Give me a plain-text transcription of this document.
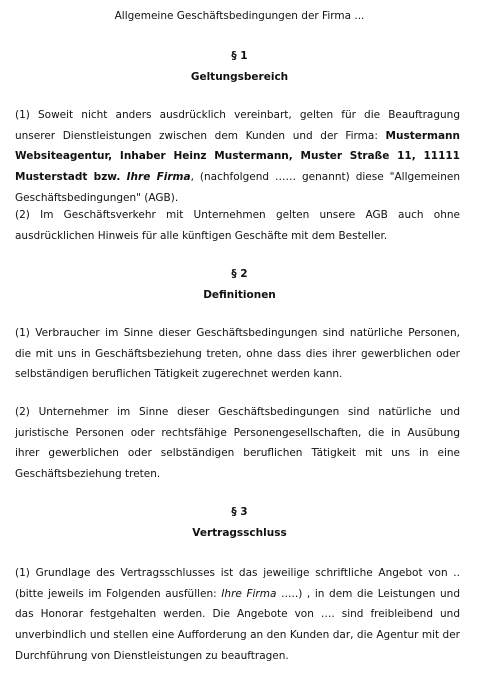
Allgemeine Geschäftsbedingungen der Firma ...
§ 1
Geltungsbereich
(1) Soweit nicht anders ausdrücklich vereinbart, gelten für die Beauftragung unserer Dienstleistungen zwischen dem Kunden und der Firma: Mustermann Websiteagentur, Inhaber Heinz Mustermann, Muster Straße 11, 11111 Musterstadt bzw. Ihre Firma, (nachfolgend …… genannt) diese "Allgemeinen Geschäftsbedingungen" (AGB).
(2) Im Geschäftsverkehr mit Unternehmen gelten unsere AGB auch ohne ausdrücklichen Hinweis für alle künftigen Geschäfte mit dem Besteller.
§ 2
Definitionen
(1) Verbraucher im Sinne dieser Geschäftsbedingungen sind natürliche Personen, die mit uns in Geschäftsbeziehung treten, ohne dass dies ihrer gewerblichen oder selbständigen beruflichen Tätigkeit zugerechnet werden kann.
(2) Unternehmer im Sinne dieser Geschäftsbedingungen sind natürliche und juristische Personen oder rechtsfähige Personengesellschaften, die in Ausübung ihrer gewerblichen oder selbständigen beruflichen Tätigkeit mit uns in eine Geschäftsbeziehung treten.
§ 3
Vertragsschluss
(1) Grundlage des Vertragsschlusses ist das jeweilige schriftliche Angebot von .. (bitte jeweils im Folgenden ausfüllen: Ihre Firma …..) , in dem die Leistungen und das Honorar festgehalten werden. Die Angebote von …. sind freibleibend und unverbindlich und stellen eine Aufforderung an den Kunden dar, die Agentur mit der Durchführung von Dienstleistungen zu beauftragen.
